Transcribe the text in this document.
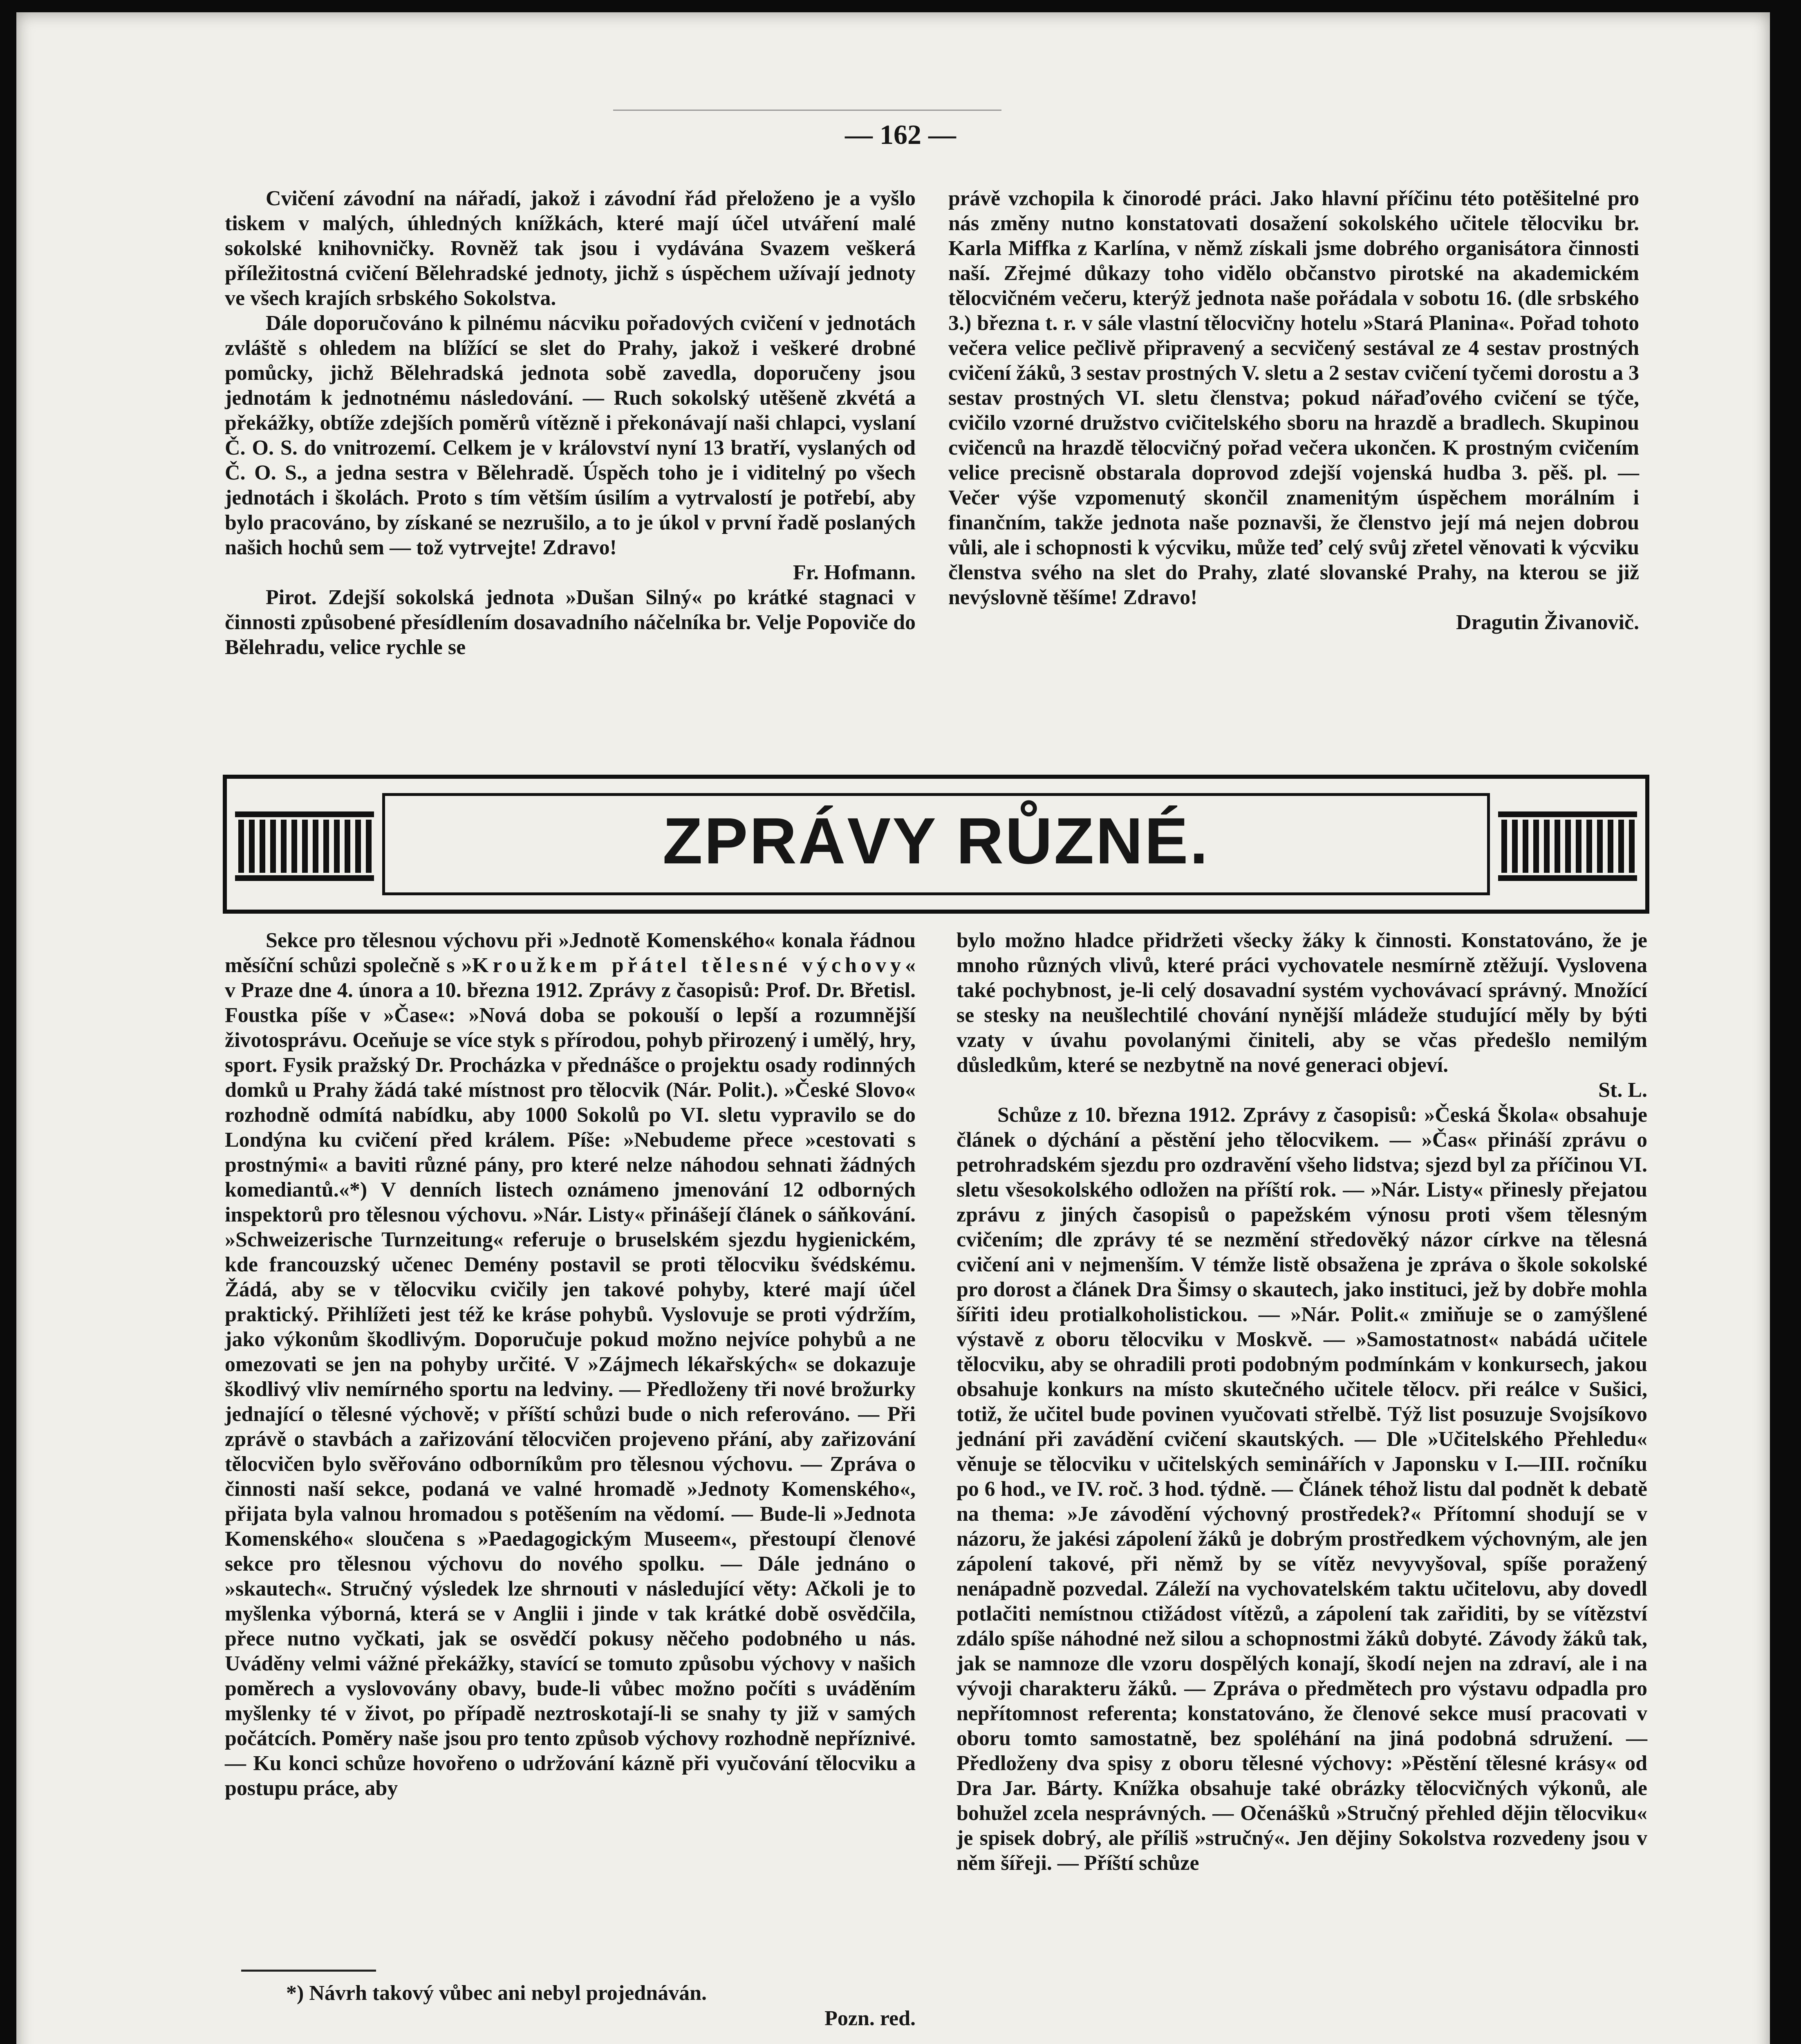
— 162 —

Cvičení závodní na nářadí, jakož i závodní řád přeloženo je a vyšlo tiskem v malých, úhledných knížkách, které mají účel utváření malé sokolské knihovničky. Rovněž tak jsou i vydávána Svazem veškerá příležitostná cvičení Bělehradské jednoty, jichž s úspěchem užívají jednoty ve všech krajích srbského Sokolstva.

Dále doporučováno k pilnému nácviku pořadových cvičení v jednotách zvláště s ohledem na blížící se slet do Prahy, jakož i veškeré drobné pomůcky, jichž Bělehradská jednota sobě zavedla, doporučeny jsou jednotám k jednotnému následování. — Ruch sokolský utěšeně zkvétá a překážky, obtíže zdejších poměrů vítězně i překonávají naši chlapci, vyslaní Č. O. S. do vnitrozemí. Celkem je v království nyní 13 bratří, vyslaných od Č. O. S., a jedna sestra v Bělehradě. Úspěch toho je i viditelný po všech jednotách i školách. Proto s tím větším úsilím a vytrvalostí je potřebí, aby bylo pracováno, by získané se nezrušilo, a to je úkol v první řadě poslaných našich hochů sem — tož vytrvejte! Zdravo!

Fr. Hofmann.

Pirot. Zdejší sokolská jednota »Dušan Silný« po krátké stagnaci v činnosti způsobené přesídlením dosavadního náčelníka br. Velje Popoviče do Bělehradu, velice rychle se

právě vzchopila k činorodé práci. Jako hlavní příčinu této potěšitelné pro nás změny nutno konstatovati dosažení sokolského učitele tělocviku br. Karla Miffka z Karlína, v němž získali jsme dobrého organisátora činnosti naší. Zřejmé důkazy toho vidělo občanstvo pirotské na akademickém tělocvičném večeru, kterýž jednota naše pořádala v sobotu 16. (dle srbského 3.) března t. r. v sále vlastní tělocvičny hotelu »Stará Planina«. Pořad tohoto večera velice pečlivě připravený a secvičený sestával ze 4 sestav prostných cvičení žáků, 3 sestav prostných V. sletu a 2 sestav cvičení tyčemi dorostu a 3 sestav prostných VI. sletu členstva; pokud nářaďového cvičení se týče, cvičilo vzorné družstvo cvičitelského sboru na hrazdě a bradlech. Skupinou cvičenců na hrazdě tělocvičný pořad večera ukončen. K prostným cvičením velice precisně obstarala doprovod zdejší vojenská hudba 3. pěš. pl. — Večer výše vzpomenutý skončil znamenitým úspěchem morálním i finančním, takže jednota naše poznavši, že členstvo její má nejen dobrou vůli, ale i schopnosti k výcviku, může teď celý svůj zřetel věnovati k výcviku členstva svého na slet do Prahy, zlaté slovanské Prahy, na kterou se již nevýslovně těšíme! Zdravo!

Dragutin Živanovič.
ZPRÁVY RŮZNÉ.

Sekce pro tělesnou výchovu při »Jednotě Komenského« konala řádnou měsíční schůzi společně s »Kroužkem přátel tělesné výchovy« v Praze dne 4. února a 10. března 1912. Zprávy z časopisů: Prof. Dr. Břetisl. Foustka píše v »Čase«: »Nová doba se pokouší o lepší a rozumnější životosprávu. Oceňuje se více styk s přírodou, pohyb přirozený i umělý, hry, sport. Fysik pražský Dr. Procházka v přednášce o projektu osady rodinných domků u Prahy žádá také místnost pro tělocvik (Nár. Polit.). »České Slovo« rozhodně odmítá nabídku, aby 1000 Sokolů po VI. sletu vypravilo se do Londýna ku cvičení před králem. Píše: »Nebudeme přece »cestovati s prostnými« a baviti různé pány, pro které nelze náhodou sehnati žádných komediantů.«*) V denních listech oznámeno jmenování 12 odborných inspektorů pro tělesnou výchovu. »Nár. Listy« přinášejí článek o sáňkování. »Schweizerische Turnzeitung« referuje o bruselském sjezdu hygienickém, kde francouzský učenec Demény postavil se proti tělocviku švédskému. Žádá, aby se v tělocviku cvičily jen takové pohyby, které mají účel praktický. Přihlížeti jest též ke kráse pohybů. Vyslovuje se proti výdržím, jako výkonům škodlivým. Doporučuje pokud možno nejvíce pohybů a ne omezovati se jen na pohyby určité. V »Zájmech lékařských« se dokazuje škodlivý vliv nemírného sportu na ledviny. — Předloženy tři nové brožurky jednající o tělesné výchově; v příští schůzi bude o nich referováno. — Při zprávě o stavbách a zařizování tělocvičen projeveno přání, aby zařizování tělocvičen bylo svěřováno odborníkům pro tělesnou výchovu. — Zpráva o činnosti naší sekce, podaná ve valné hromadě »Jednoty Komenského«, přijata byla valnou hromadou s potěšením na vědomí. — Bude-li »Jednota Komenského« sloučena s »Paedagogickým Museem«, přestoupí členové sekce pro tělesnou výchovu do nového spolku. — Dále jednáno o »skautech«. Stručný výsledek lze shrnouti v následující věty: Ačkoli je to myšlenka výborná, která se v Anglii i jinde v tak krátké době osvědčila, přece nutno vyčkati, jak se osvědčí pokusy něčeho podobného u nás. Uváděny velmi vážné překážky, stavící se tomuto způsobu výchovy v našich poměrech a vyslovovány obavy, bude-li vůbec možno počíti s uváděním myšlenky té v život, po případě neztroskotají-li se snahy ty již v samých počátcích. Poměry naše jsou pro tento způsob výchovy rozhodně nepříznivé. — Ku konci schůze hovořeno o udržování kázně při vyučování tělocviku a postupu práce, aby

*) Návrh takový vůbec ani nebyl projednáván.
Pozn. red.

bylo možno hladce přidržeti všecky žáky k činnosti. Konstatováno, že je mnoho různých vlivů, které práci vychovatele nesmírně ztěžují. Vyslovena také pochybnost, je-li celý dosavadní systém vychovávací správný. Množící se stesky na neušlechtilé chování nynější mládeže studující měly by býti vzaty v úvahu povolanými činiteli, aby se včas předešlo nemilým důsledkům, které se nezbytně na nové generaci objeví.

St. L.

Schůze z 10. března 1912. Zprávy z časopisů: »Česká Škola« obsahuje článek o dýchání a pěstění jeho tělocvikem. — »Čas« přináší zprávu o petrohradském sjezdu pro ozdravění všeho lidstva; sjezd byl za příčinou VI. sletu všesokolského odložen na příští rok. — »Nár. Listy« přinesly přejatou zprávu z jiných časopisů o papežském výnosu proti všem tělesným cvičením; dle zprávy té se nezmění středověký názor církve na tělesná cvičení ani v nejmenším. V témže listě obsažena je zpráva o škole sokolské pro dorost a článek Dra Šimsy o skautech, jako instituci, jež by dobře mohla šířiti ideu protialkoholistickou. — »Nár. Polit.« zmiňuje se o zamýšlené výstavě z oboru tělocviku v Moskvě. — »Samostatnost« nabádá učitele tělocviku, aby se ohradili proti podobným podmínkám v konkursech, jakou obsahuje konkurs na místo skutečného učitele tělocv. při reálce v Sušici, totiž, že učitel bude povinen vyučovati střelbě. Týž list posuzuje Svojsíkovo jednání při zavádění cvičení skautských. — Dle »Učitelského Přehledu« věnuje se tělocviku v učitelských seminářích v Japonsku v I.—III. ročníku po 6 hod., ve IV. roč. 3 hod. týdně. — Článek téhož listu dal podnět k debatě na thema: »Je závodění výchovný prostředek?« Přítomní shodují se v názoru, že jakési zápolení žáků je dobrým prostředkem výchovným, ale jen zápolení takové, při němž by se vítěz nevyvyšoval, spíše poražený nenápadně pozvedal. Záleží na vychovatelském taktu učitelovu, aby dovedl potlačiti nemístnou ctižádost vítězů, a zápolení tak zařiditi, by se vítězství zdálo spíše náhodné než silou a schopnostmi žáků dobyté. Závody žáků tak, jak se namnoze dle vzoru dospělých konají, škodí nejen na zdraví, ale i na vývoji charakteru žáků. — Zpráva o předmětech pro výstavu odpadla pro nepřítomnost referenta; konstatováno, že členové sekce musí pracovati v oboru tomto samostatně, bez spoléhání na jiná podobná sdružení. — Předloženy dva spisy z oboru tělesné výchovy: »Pěstění tělesné krásy« od Dra Jar. Bárty. Knížka obsahuje také obrázky tělocvičných výkonů, ale bohužel zcela nesprávných. — Očenášků »Stručný přehled dějin tělocviku« je spisek dobrý, ale příliš »stručný«. Jen dějiny Sokolstva rozvedeny jsou v něm šířeji. — Příští schůze
